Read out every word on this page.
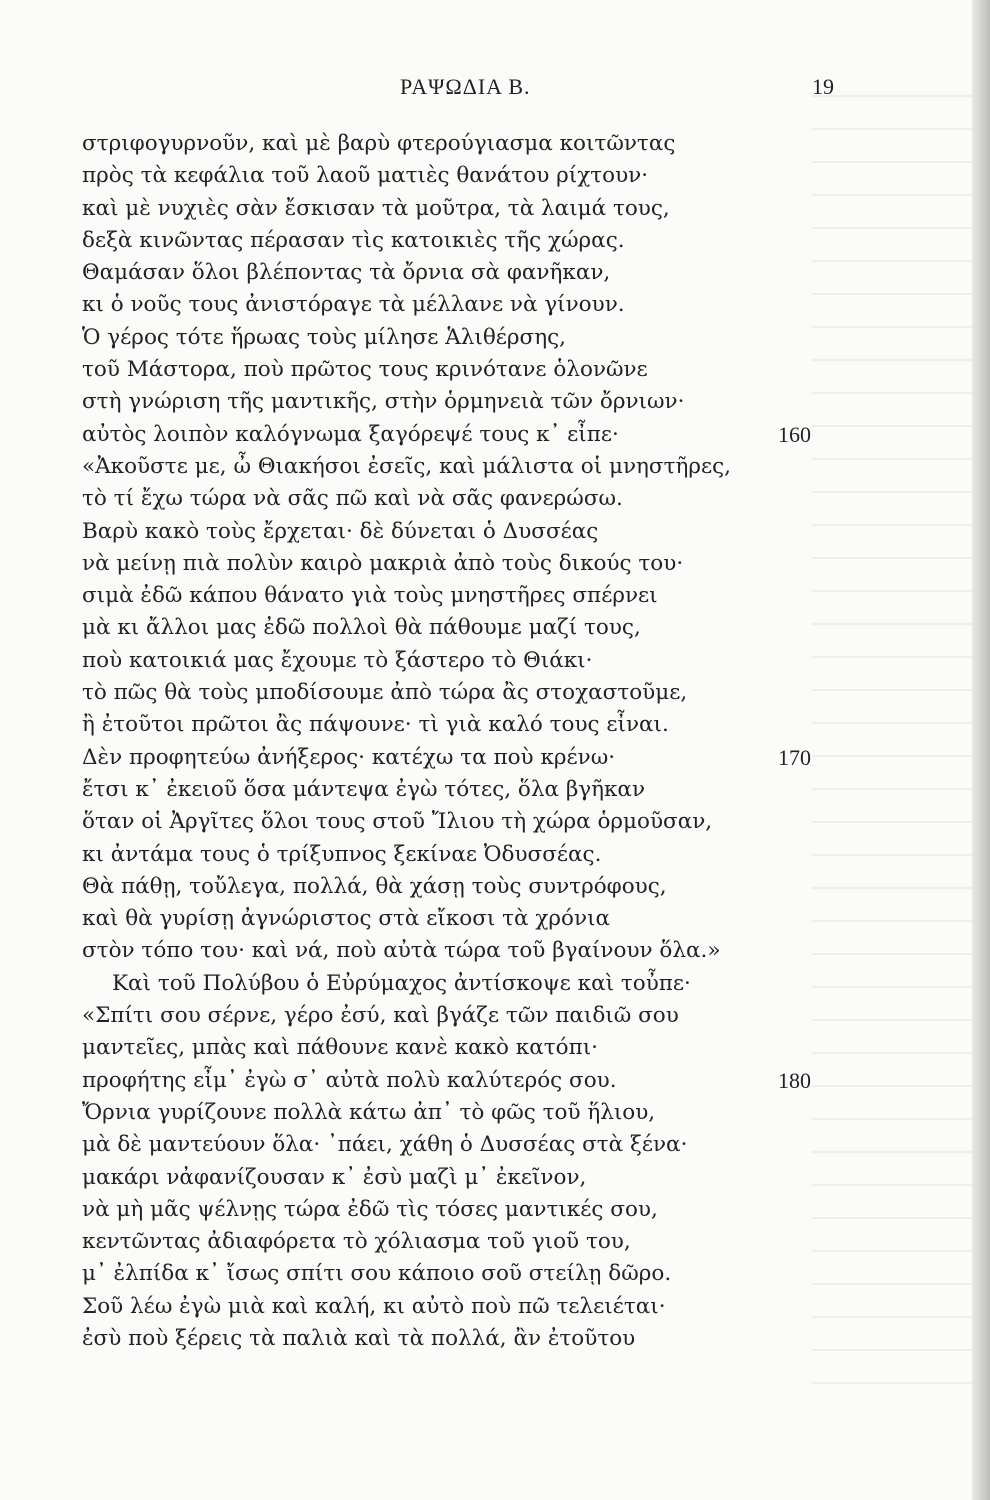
ΡΑΨΩΔΙΑ Β.	19
στριφογυρνοῦν, καὶ μὲ βαρὺ φτερούγιασμα κοιτῶντας
πρὸς τὰ κεφάλια τοῦ λαοῦ ματιὲς θανάτου ρίχτουν·
καὶ μὲ νυχιὲς σὰν ἔσκισαν τὰ μοῦτρα, τὰ λαιμά τους,
δεξὰ κινῶντας πέρασαν τὶς κατοικιὲς τῆς χώρας.
Θαμάσαν ὅλοι βλέποντας τὰ ὄρνια σὰ φανῆκαν,
κι ὁ νοῦς τους ἀνιστόραγε τὰ μέλλανε νὰ γίνουν.
Ὁ γέρος τότε ἥρωας τοὺς μίλησε Ἁλιθέρσης,
τοῦ Μάστορα, ποὺ πρῶτος τους κρινότανε ὁλονῶνε
στὴ γνώριση τῆς μαντικῆς, στὴν ὁρμηνειὰ τῶν ὄρνιων·
αὐτὸς λοιπὸν καλόγνωμα ξαγόρεψέ τους κ᾽ εἶπε·	160
«Ἀκοῦστε με, ὦ Θιακήσοι ἐσεῖς, καὶ μάλιστα οἱ μνηστῆρες,
τὸ τί ἔχω τώρα νὰ σᾶς πῶ καὶ νὰ σᾶς φανερώσω.
Βαρὺ κακὸ τοὺς ἔρχεται· δὲ δύνεται ὁ Δυσσέας
νὰ μείνῃ πιὰ πολὺν καιρὸ μακριὰ ἀπὸ τοὺς δικούς του·
σιμὰ ἐδῶ κάπου θάνατο γιὰ τοὺς μνηστῆρες σπέρνει
μὰ κι ἄλλοι μας ἐδῶ πολλοὶ θὰ πάθουμε μαζί τους,
ποὺ κατοικιά μας ἔχουμε τὸ ξάστερο τὸ Θιάκι·
τὸ πῶς θὰ τοὺς μποδίσουμε ἀπὸ τώρα ἂς στοχαστοῦμε,
ἢ ἐτοῦτοι πρῶτοι ἂς πάψουνε· τὶ γιὰ καλό τους εἶναι.
Δὲν προφητεύω ἀνήξερος· κατέχω τα ποὺ κρένω·	170
ἔτσι κ᾽ ἐκειοῦ ὅσα μάντεψα ἐγὼ τότες, ὅλα βγῆκαν
ὅταν οἱ Ἀργῖτες ὅλοι τους στοῦ Ἴλιου τὴ χώρα ὁρμοῦσαν,
κι ἀντάμα τους ὁ τρίξυπνος ξεκίναε Ὀδυσσέας.
Θὰ πάθῃ, τοὔλεγα, πολλά, θὰ χάσῃ τοὺς συντρόφους,
καὶ θὰ γυρίσῃ ἀγνώριστος στὰ εἴκοσι τὰ χρόνια
στὸν τόπο του· καὶ νά, ποὺ αὐτὰ τώρα τοῦ βγαίνουν ὅλα.»
Καὶ τοῦ Πολύβου ὁ Εὐρύμαχος ἀντίσκοψε καὶ τοὖπε·
«Σπίτι σου σέρνε, γέρο ἐσύ, καὶ βγάζε τῶν παιδιῶ σου
μαντεῖες, μπὰς καὶ πάθουνε κανὲ κακὸ κατόπι·
προφήτης εἶμ᾽ ἐγὼ σ᾽ αὐτὰ πολὺ καλύτερός σου.	180
Ὄρνια γυρίζουνε πολλὰ κάτω ἀπ᾽ τὸ φῶς τοῦ ἥλιου,
μὰ δὲ μαντεύουν ὅλα· ᾽πάει, χάθη ὁ Δυσσέας στὰ ξένα·
μακάρι νἀφανίζουσαν κ᾽ ἐσὺ μαζὶ μ᾽ ἐκεῖνον,
νὰ μὴ μᾶς ψέλνῃς τώρα ἐδῶ τὶς τόσες μαντικές σου,
κεντῶντας ἀδιαφόρετα τὸ χόλιασμα τοῦ γιοῦ του,
μ᾽ ἐλπίδα κ᾽ ἴσως σπίτι σου κάποιο σοῦ στείλῃ δῶρο.
Σοῦ λέω ἐγὼ μιὰ καὶ καλή, κι αὐτὸ ποὺ πῶ τελειέται·
ἐσὺ ποὺ ξέρεις τὰ παλιὰ καὶ τὰ πολλά, ἂν ἐτοῦτου
